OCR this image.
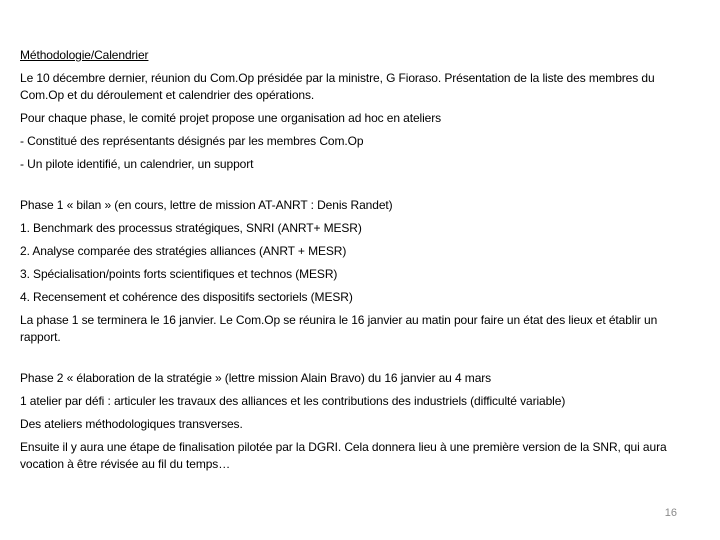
Méthodologie/Calendrier
Le 10 décembre dernier, réunion du Com.Op présidée par la ministre, G Fioraso. Présentation de la liste des membres du Com.Op et du déroulement et calendrier des opérations.
Pour chaque phase, le comité projet propose une organisation ad hoc en ateliers
- Constitué des représentants désignés par les membres Com.Op
- Un pilote identifié, un calendrier, un support
Phase 1 « bilan » (en cours, lettre de mission AT-ANRT : Denis Randet)
1. Benchmark des processus stratégiques, SNRI (ANRT+ MESR)
2. Analyse comparée des stratégies alliances (ANRT + MESR)
3. Spécialisation/points forts scientifiques et technos (MESR)
4. Recensement et cohérence des dispositifs sectoriels (MESR)
La phase 1 se terminera le 16 janvier. Le Com.Op se réunira le 16 janvier au matin pour faire un état des lieux et établir un rapport.
Phase 2 « élaboration de la stratégie » (lettre mission Alain Bravo) du 16 janvier au 4 mars
1 atelier par défi : articuler les travaux des alliances et les contributions des industriels (difficulté variable)
Des ateliers méthodologiques transverses.
Ensuite il y aura une étape de finalisation pilotée par la DGRI. Cela donnera lieu à une première version de la SNR, qui aura vocation à être révisée au fil du temps…
16
